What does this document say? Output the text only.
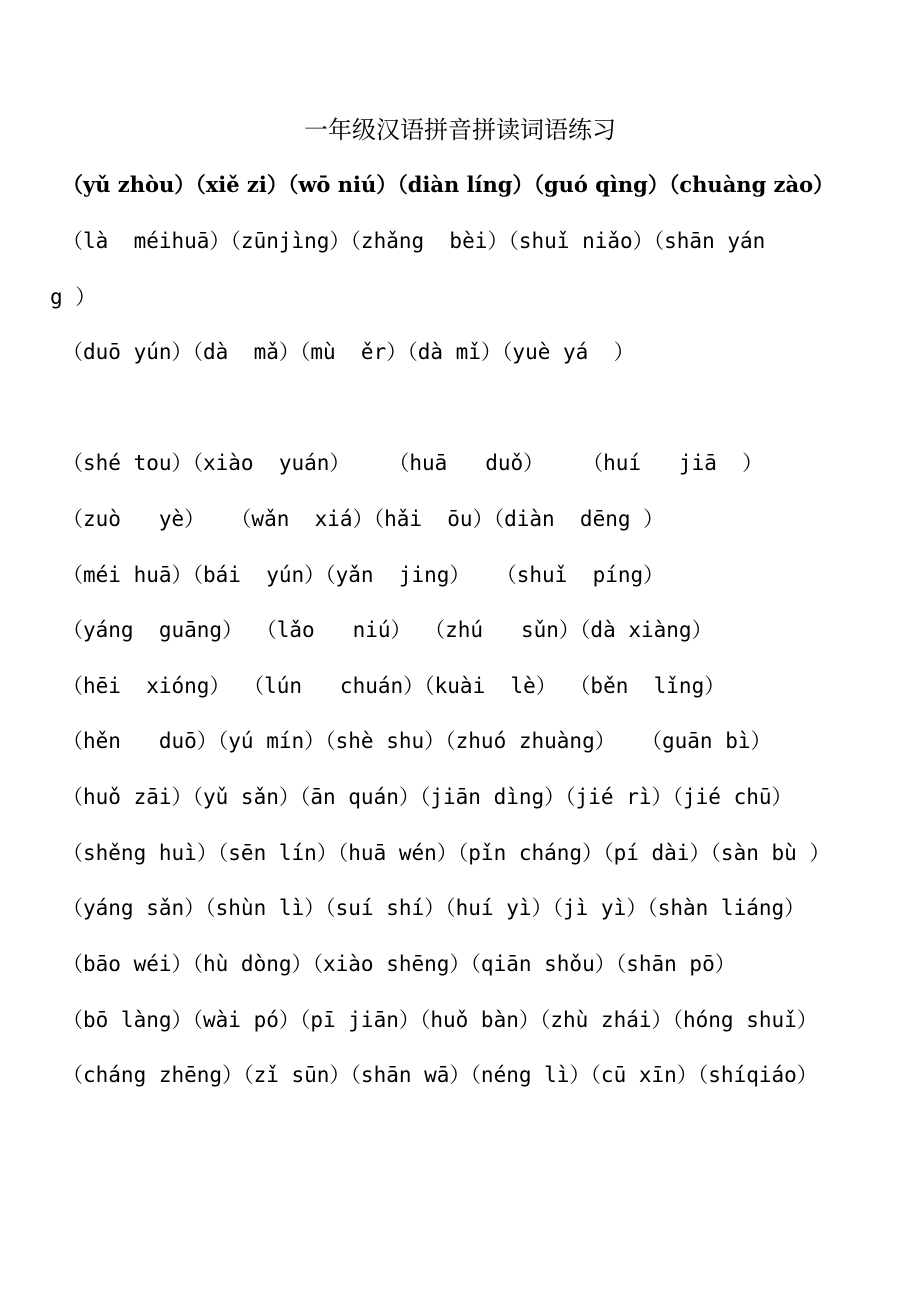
一年级汉语拼音拼读词语练习
（yǔ zhòu）（xiě zi）（wō niú）（diàn líng）（guó qìng）（chuàng zào）
（là  méihuā）（zūnjìng）（zhǎng  bèi）（shuǐ niǎo）（shān yán
g ）
（duō yún）（dà  mǎ）（mù  ěr）（dà mǐ）（yuè yá  ）
（shé tou）（xiào  yuán）   （huā   duǒ）   （huí   jiā  ）
（zuò   yè）  （wǎn  xiá）（hǎi  ōu）（diàn  dēng ）
（méi huā）（bái  yún）（yǎn  jing）  （shuǐ  píng）
（yáng  guāng） （lǎo   niú） （zhú   sǔn）（dà xiàng）
（hēi  xióng） （lún   chuán）（kuài  lè） （běn  lǐng）
（hěn   duō）（yú mín）（shè shu）（zhuó zhuàng）  （guān bì）
（huǒ zāi）（yǔ sǎn）（ān quán）（jiān dìng）（jié rì）（jié chū）
（shěng huì）（sēn lín）（huā wén）（pǐn cháng）（pí dài）（sàn bù ）
（yáng sǎn）（shùn lì）（suí shí）（huí yì）（jì yì）（shàn liáng）
（bāo wéi）（hù dòng）（xiào shēng）（qiān shǒu）（shān pō）
（bō làng）（wài pó）（pī jiān）（huǒ bàn）（zhù zhái）（hóng shuǐ）
（cháng zhēng）（zǐ sūn）（shān wā）（néng lì）（cū xīn）（shíqiáo）
